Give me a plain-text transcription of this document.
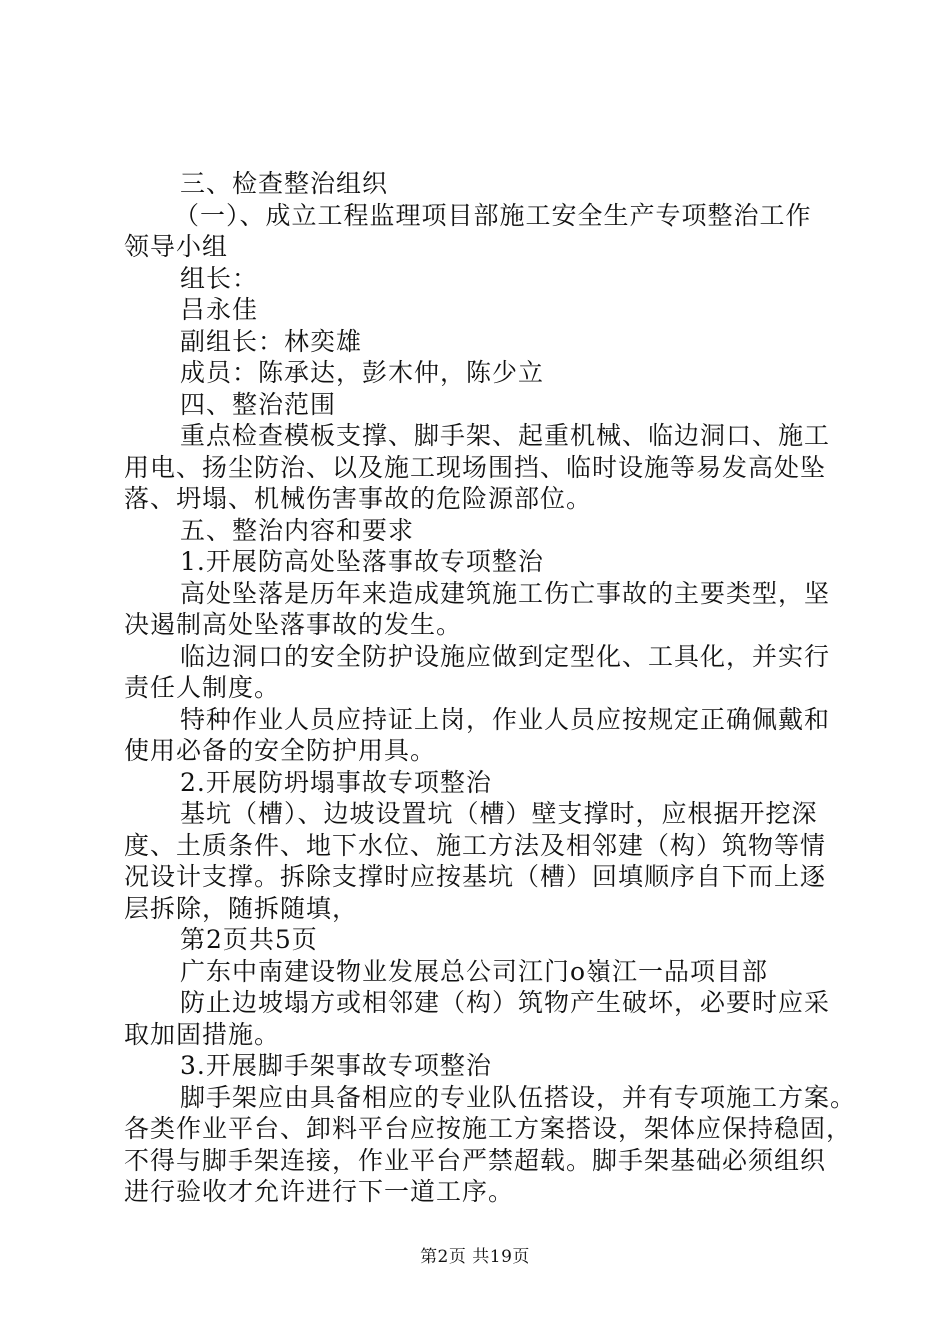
三、检查整治组织
（一）、成立工程监理项目部施工安全生产专项整治工作
领导小组
组长：
吕永佳
副组长：林奕雄
成员：陈承达，彭木仲，陈少立
四、整治范围
重点检查模板支撑、脚手架、起重机械、临边洞口、施工
用电、扬尘防治、以及施工现场围挡、临时设施等易发高处坠
落、坍塌、机械伤害事故的危险源部位。
五、整治内容和要求
1.开展防高处坠落事故专项整治
高处坠落是历年来造成建筑施工伤亡事故的主要类型，坚
决遏制高处坠落事故的发生。
临边洞口的安全防护设施应做到定型化、工具化，并实行
责任人制度。
特种作业人员应持证上岗，作业人员应按规定正确佩戴和
使用必备的安全防护用具。
2.开展防坍塌事故专项整治
基坑（槽）、边坡设置坑（槽）壁支撑时，应根据开挖深
度、土质条件、地下水位、施工方法及相邻建（构）筑物等情
况设计支撑。拆除支撑时应按基坑（槽）回填顺序自下而上逐
层拆除，随拆随填，
第2页共5页
广东中南建设物业发展总公司江门o嶺江一品项目部
防止边坡塌方或相邻建（构）筑物产生破坏，必要时应采
取加固措施。
3.开展脚手架事故专项整治
脚手架应由具备相应的专业队伍搭设，并有专项施工方案。
各类作业平台、卸料平台应按施工方案搭设，架体应保持稳固，
不得与脚手架连接，作业平台严禁超载。脚手架基础必须组织
进行验收才允许进行下一道工序。
第2页 共19页
